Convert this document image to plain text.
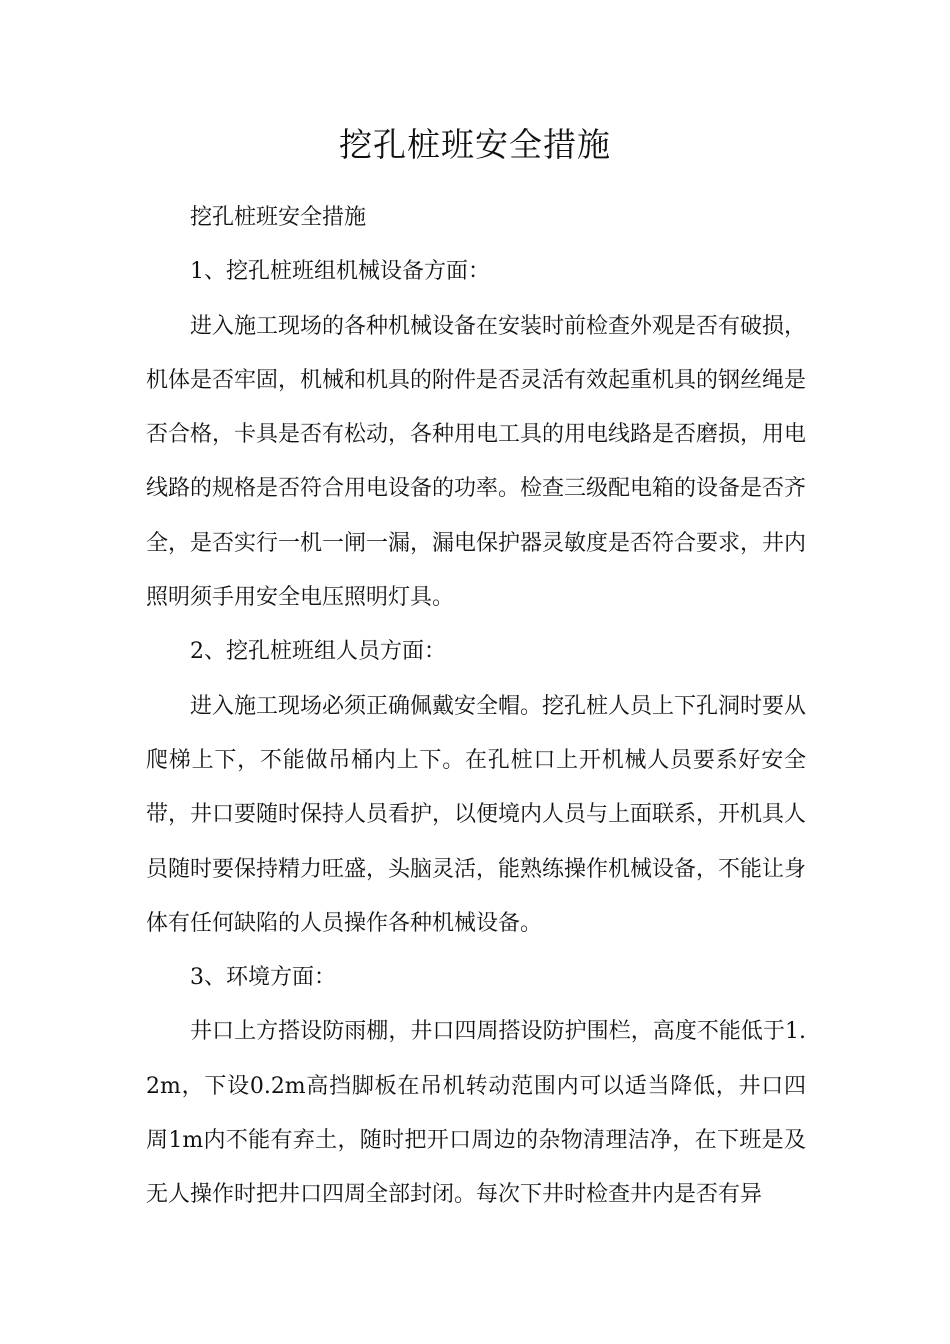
挖孔桩班安全措施

挖孔桩班安全措施

1、挖孔桩班组机械设备方面：

进入施工现场的各种机械设备在安装时前检查外观是否有破损，机体是否牢固，机械和机具的附件是否灵活有效起重机具的钢丝绳是否合格，卡具是否有松动，各种用电工具的用电线路是否磨损，用电线路的规格是否符合用电设备的功率。检查三级配电箱的设备是否齐全，是否实行一机一闸一漏，漏电保护器灵敏度是否符合要求，井内照明须手用安全电压照明灯具。

2、挖孔桩班组人员方面：

进入施工现场必须正确佩戴安全帽。挖孔桩人员上下孔洞时要从爬梯上下，不能做吊桶内上下。在孔桩口上开机械人员要系好安全带，井口要随时保持人员看护，以便境内人员与上面联系，开机具人员随时要保持精力旺盛，头脑灵活，能熟练操作机械设备，不能让身体有任何缺陷的人员操作各种机械设备。

3、环境方面：

井口上方搭设防雨棚，井口四周搭设防护围栏，高度不能低于1.2m，下设0.2m高挡脚板在吊机转动范围内可以适当降低，井口四周1m内不能有弃土，随时把开口周边的杂物清理洁净，在下班是及无人操作时把井口四周全部封闭。每次下井时检查井内是否有异
